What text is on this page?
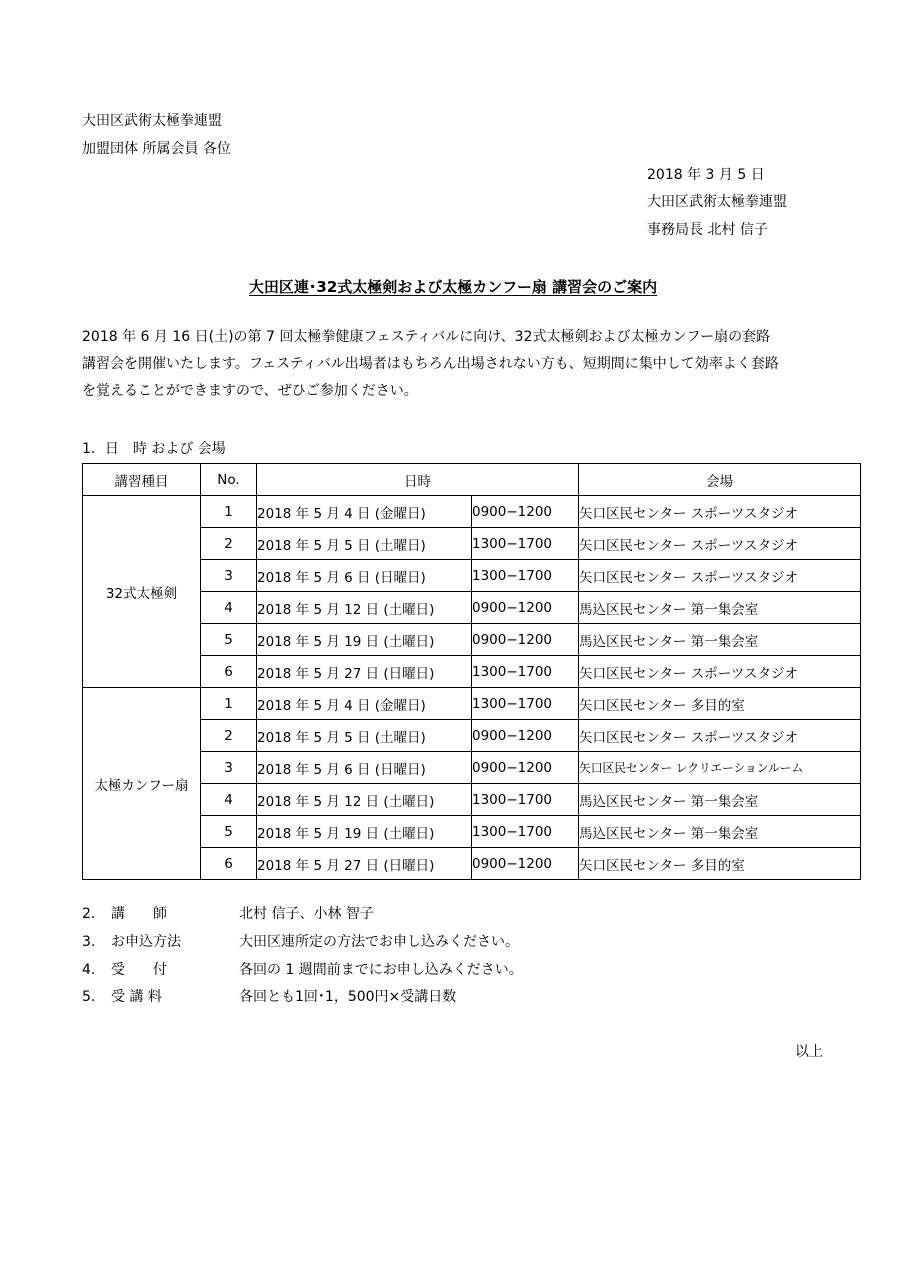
大田区武術太極拳連盟
加盟団体 所属会員 各位
2018 年 3 月 5 日
大田区武術太極拳連盟
事務局長 北村 信子
大田区連･32式太極剣および太極カンフー扇 講習会のご案内
2018 年 6 月 16 日(土)の第 7 回太極拳健康フェスティバルに向け、32式太極剣および太極カンフー扇の套路
講習会を開催いたします。フェスティバル出場者はもちろん出場されない方も、短期間に集中して効率よく套路
を覚えることができますので、ぜひご参加ください。
1．日　時 および 会場
講習種目	No.	日時		会場
32式太極剣	1	2018 年 5 月 4 日 (金曜日)	0900−1200	矢口区民センター スポーツスタジオ
	2	2018 年 5 月 5 日 (土曜日)	1300−1700	矢口区民センター スポーツスタジオ
	3	2018 年 5 月 6 日 (日曜日)	1300−1700	矢口区民センター スポーツスタジオ
	4	2018 年 5 月 12 日 (土曜日)	0900−1200	馬込区民センター 第一集会室
	5	2018 年 5 月 19 日 (土曜日)	0900−1200	馬込区民センター 第一集会室
	6	2018 年 5 月 27 日 (日曜日)	1300−1700	矢口区民センター スポーツスタジオ
太極カンフー扇	1	2018 年 5 月 4 日 (金曜日)	1300−1700	矢口区民センター 多目的室
	2	2018 年 5 月 5 日 (土曜日)	0900−1200	矢口区民センター スポーツスタジオ
	3	2018 年 5 月 6 日 (日曜日)	0900−1200	矢口区民センター レクリエーションルーム
	4	2018 年 5 月 12 日 (土曜日)	1300−1700	馬込区民センター 第一集会室
	5	2018 年 5 月 19 日 (土曜日)	1300−1700	馬込区民センター 第一集会室
	6	2018 年 5 月 27 日 (日曜日)	0900−1200	矢口区民センター 多目的室
2. 講　　師	北村 信子、小林 智子
3. お申込方法	大田区連所定の方法でお申し込みください。
4. 受　　付	各回の 1 週間前までにお申し込みください。
5. 受 講 料	各回とも1回･1，500円×受講日数
以上
